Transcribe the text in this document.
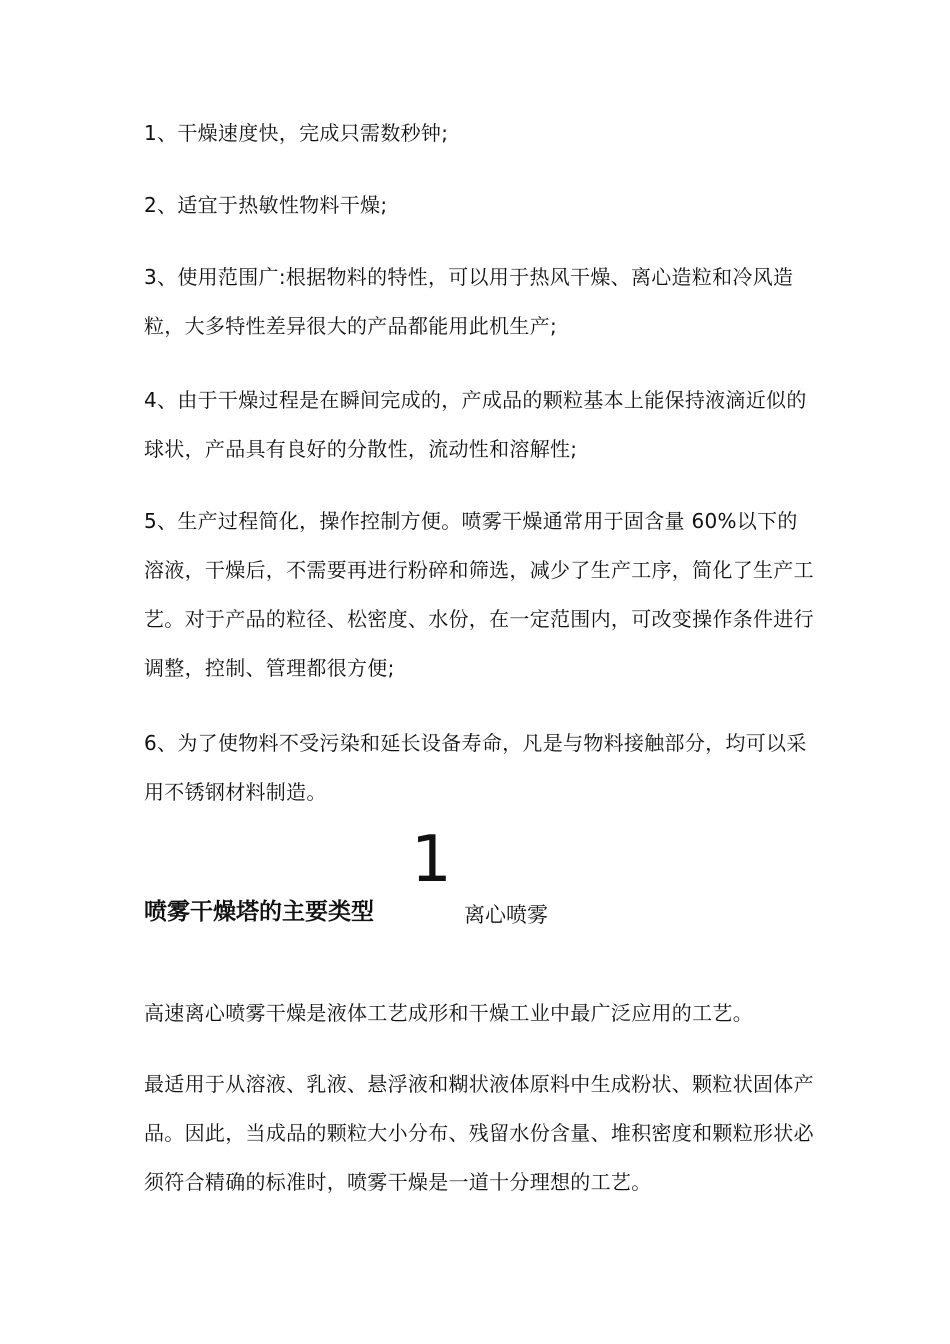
1、干燥速度快，完成只需数秒钟;

2、适宜于热敏性物料干燥;

3、使用范围广:根据物料的特性，可以用于热风干燥、离心造粒和冷风造粒，大多特性差异很大的产品都能用此机生产;

4、由于干燥过程是在瞬间完成的，产成品的颗粒基本上能保持液滴近似的球状，产品具有良好的分散性，流动性和溶解性;

5、生产过程简化，操作控制方便。喷雾干燥通常用于固含量 60%以下的溶液，干燥后，不需要再进行粉碎和筛选，减少了生产工序，简化了生产工艺。对于产品的粒径、松密度、水份，在一定范围内，可改变操作条件进行调整，控制、管理都很方便;

6、为了使物料不受污染和延长设备寿命，凡是与物料接触部分，均可以采用不锈钢材料制造。

1
喷雾干燥塔的主要类型	离心喷雾

高速离心喷雾干燥是液体工艺成形和干燥工业中最广泛应用的工艺。

最适用于从溶液、乳液、悬浮液和糊状液体原料中生成粉状、颗粒状固体产品。因此，当成品的颗粒大小分布、残留水份含量、堆积密度和颗粒形状必须符合精确的标准时，喷雾干燥是一道十分理想的工艺。
